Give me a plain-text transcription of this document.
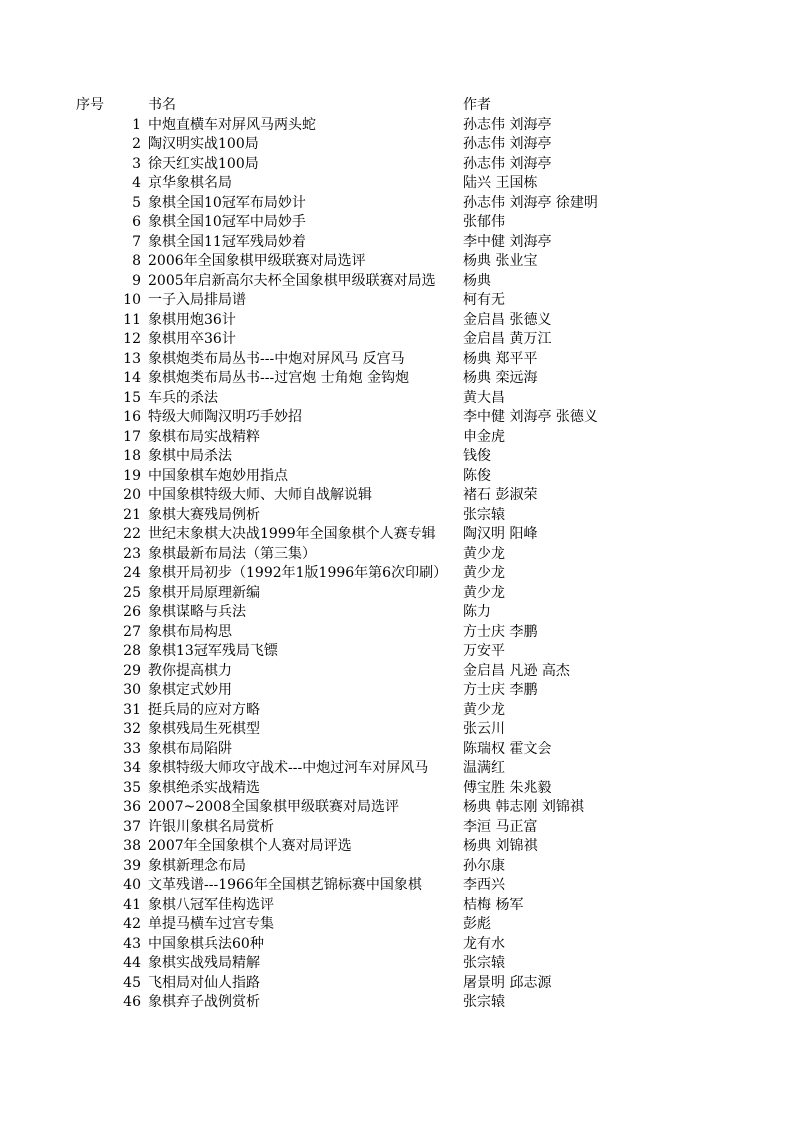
序号	书名	作者
1 中炮直横车对屏风马两头蛇	孙志伟 刘海亭
2 陶汉明实战100局	孙志伟 刘海亭
3 徐天红实战100局	孙志伟 刘海亭
4 京华象棋名局	陆兴 王国栋
5 象棋全国10冠军布局妙计	孙志伟 刘海亭 徐建明
6 象棋全国10冠军中局妙手	张郁伟
7 象棋全国11冠军残局妙着	李中健 刘海亭
8 2006年全国象棋甲级联赛对局选评	杨典 张业宝
9 2005年启新高尔夫杯全国象棋甲级联赛对局选	杨典
10 一子入局排局谱	柯有无
11 象棋用炮36计	金启昌 张德义
12 象棋用卒36计	金启昌 黄万江
13 象棋炮类布局丛书---中炮对屏风马 反宫马	杨典 郑平平
14 象棋炮类布局丛书---过宫炮 士角炮 金钩炮	杨典 栾远海
15 车兵的杀法	黄大昌
16 特级大师陶汉明巧手妙招	李中健 刘海亭 张德义
17 象棋布局实战精粹	申金虎
18 象棋中局杀法	钱俊
19 中国象棋车炮妙用指点	陈俊
20 中国象棋特级大师、大师自战解说辑	褚石 彭淑荣
21 象棋大赛残局例析	张宗辕
22 世纪末象棋大决战1999年全国象棋个人赛专辑	陶汉明 阳峰
23 象棋最新布局法（第三集）	黄少龙
24 象棋开局初步（1992年1版1996年第6次印刷）	黄少龙
25 象棋开局原理新编	黄少龙
26 象棋谋略与兵法	陈力
27 象棋布局构思	方士庆 李鹏
28 象棋13冠军残局飞镖	万安平
29 教你提高棋力	金启昌 凡逊 高杰
30 象棋定式妙用	方士庆 李鹏
31 挺兵局的应对方略	黄少龙
32 象棋残局生死棋型	张云川
33 象棋布局陷阱	陈瑞权 霍文会
34 象棋特级大师攻守战术---中炮过河车对屏风马	温满红
35 象棋绝杀实战精选	傅宝胜 朱兆毅
36 2007~2008全国象棋甲级联赛对局选评	杨典 韩志刚 刘锦祺
37 许银川象棋名局赏析	李洹 马正富
38 2007年全国象棋个人赛对局评选	杨典 刘锦祺
39 象棋新理念布局	孙尔康
40 文革残谱---1966年全国棋艺锦标赛中国象棋	李西兴
41 象棋八冠军佳构选评	桔梅 杨军
42 单提马横车过宫专集	彭彪
43 中国象棋兵法60种	龙有水
44 象棋实战残局精解	张宗辕
45 飞相局对仙人指路	屠景明 邱志源
46 象棋弃子战例赏析	张宗辕
